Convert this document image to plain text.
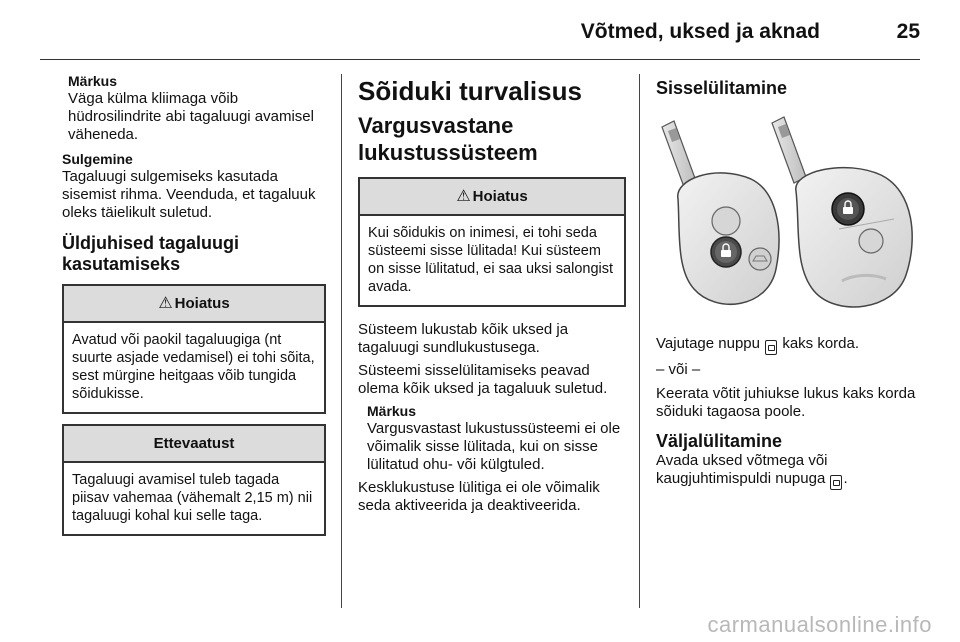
Võtmed, uksed ja aknad	25

Märkus

Väga külma kliimaga võib hüdrosilindrite abi tagaluugi avamisel väheneda.

Sulgemine

Tagaluugi sulgemiseks kasutada sisemist rihma. Veenduda, et tagaluuk oleks täielikult suletud.

Üldjuhised tagaluugi kasutamiseks

⚠ Hoiatus

Avatud või paokil tagaluugiga (nt suurte asjade vedamisel) ei tohi sõita, sest mürgine heitgaas võib tungida sõidukisse.

Ettevaatust

Tagaluugi avamisel tuleb tagada piisav vahemaa (vähemalt 2,15 m) nii tagaluugi kohal kui selle taga.

Sõiduki turvalisus

Vargusvastane lukustussüsteem

⚠ Hoiatus

Kui sõidukis on inimesi, ei tohi seda süsteemi sisse lülitada! Kui süsteem on sisse lülitatud, ei saa uksi salongist avada.

Süsteem lukustab kõik uksed ja tagaluugi sundlukustusega.

Süsteemi sisselülitamiseks peavad olema kõik uksed ja tagaluuk suletud.

Märkus

Vargusvastast lukustussüsteemi ei ole võimalik sisse lülitada, kui on sisse lülitatud ohu- või külgtuled.

Kesklukustuse lülitiga ei ole võimalik seda aktiveerida ja deaktiveerida.

Sisselülitamine

Vajutage nuppu kaks korda.

– või –

Keerata võtit juhiukse lukus kaks korda sõiduki tagaosa poole.

Väljalülitamine

Avada uksed võtmega või kaugjuhtimispuldi nupuga .

carmanualsonline.info
